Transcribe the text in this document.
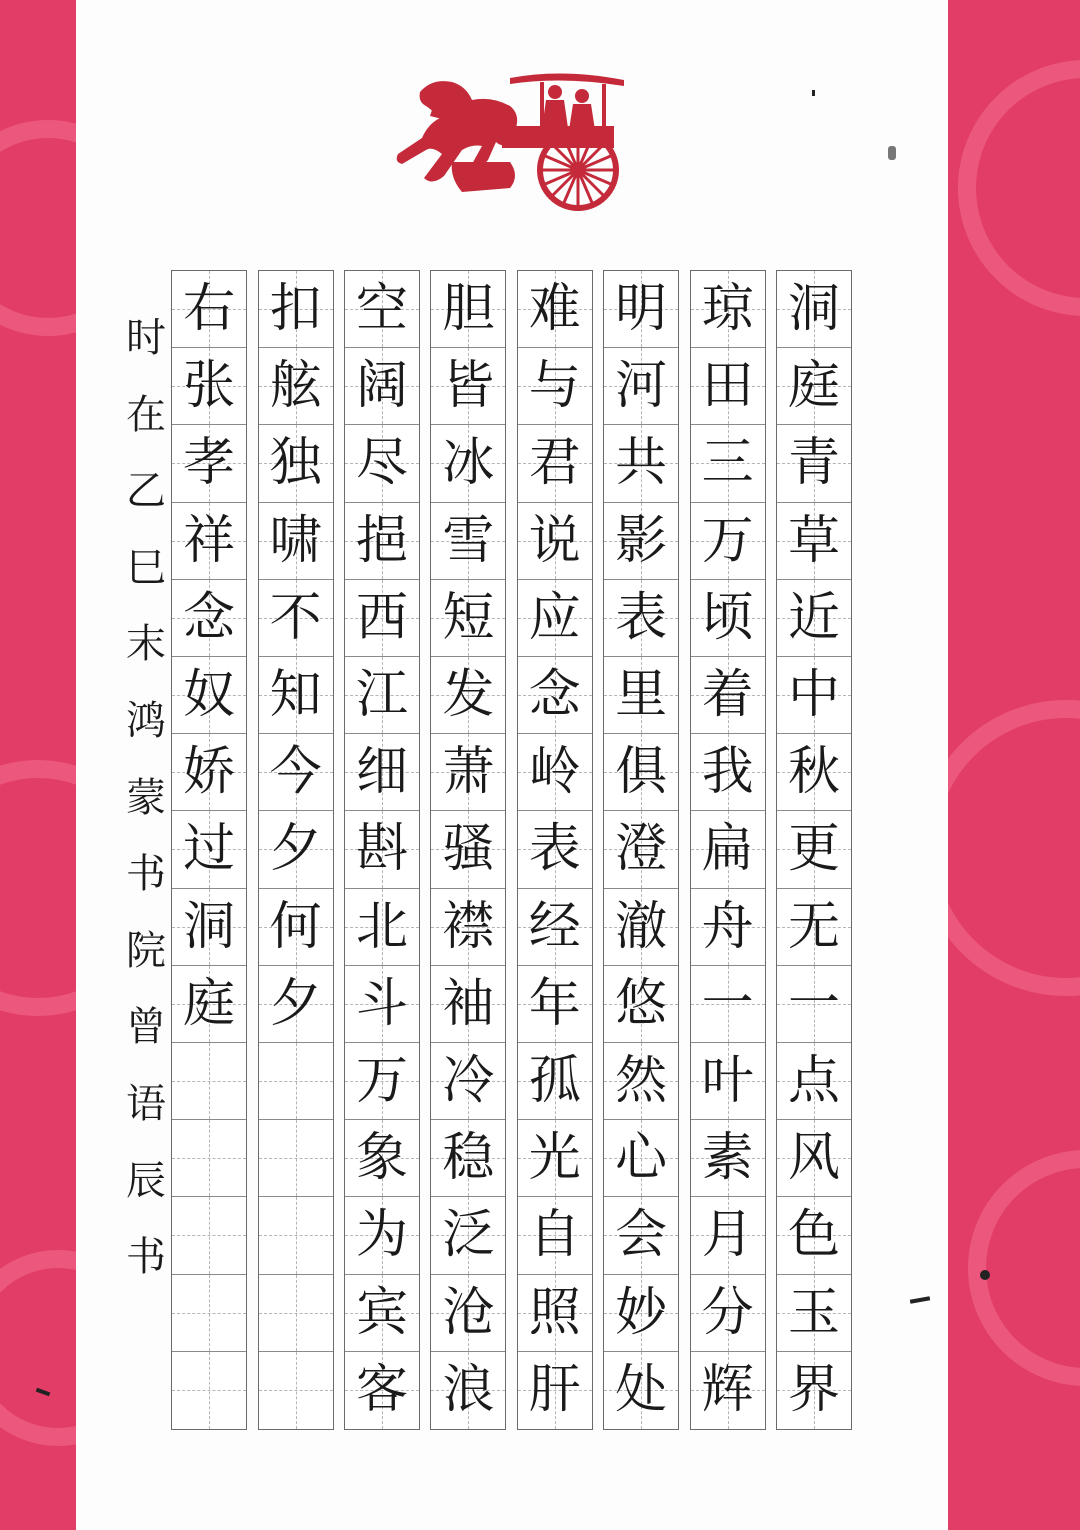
洞
庭
青
草
近
中
秋
更
无
一
点
风
色
玉
界
琼
田
三
万
顷
着
我
扁
舟
一
叶
素
月
分
辉
明
河
共
影
表
里
俱
澄
澈
悠
然
心
会
妙
处
难
与
君
说
应
念
岭
表
经
年
孤
光
自
照
肝
胆
皆
冰
雪
短
发
萧
骚
襟
袖
冷
稳
泛
沧
浪
空
阔
尽
挹
西
江
细
斟
北
斗
万
象
为
宾
客
扣
舷
独
啸
不
知
今
夕
何
夕
右
张
孝
祥
念
奴
娇
过
洞
庭
时
在
乙
巳
末
鸿
蒙
书
院
曾
语
辰
书
